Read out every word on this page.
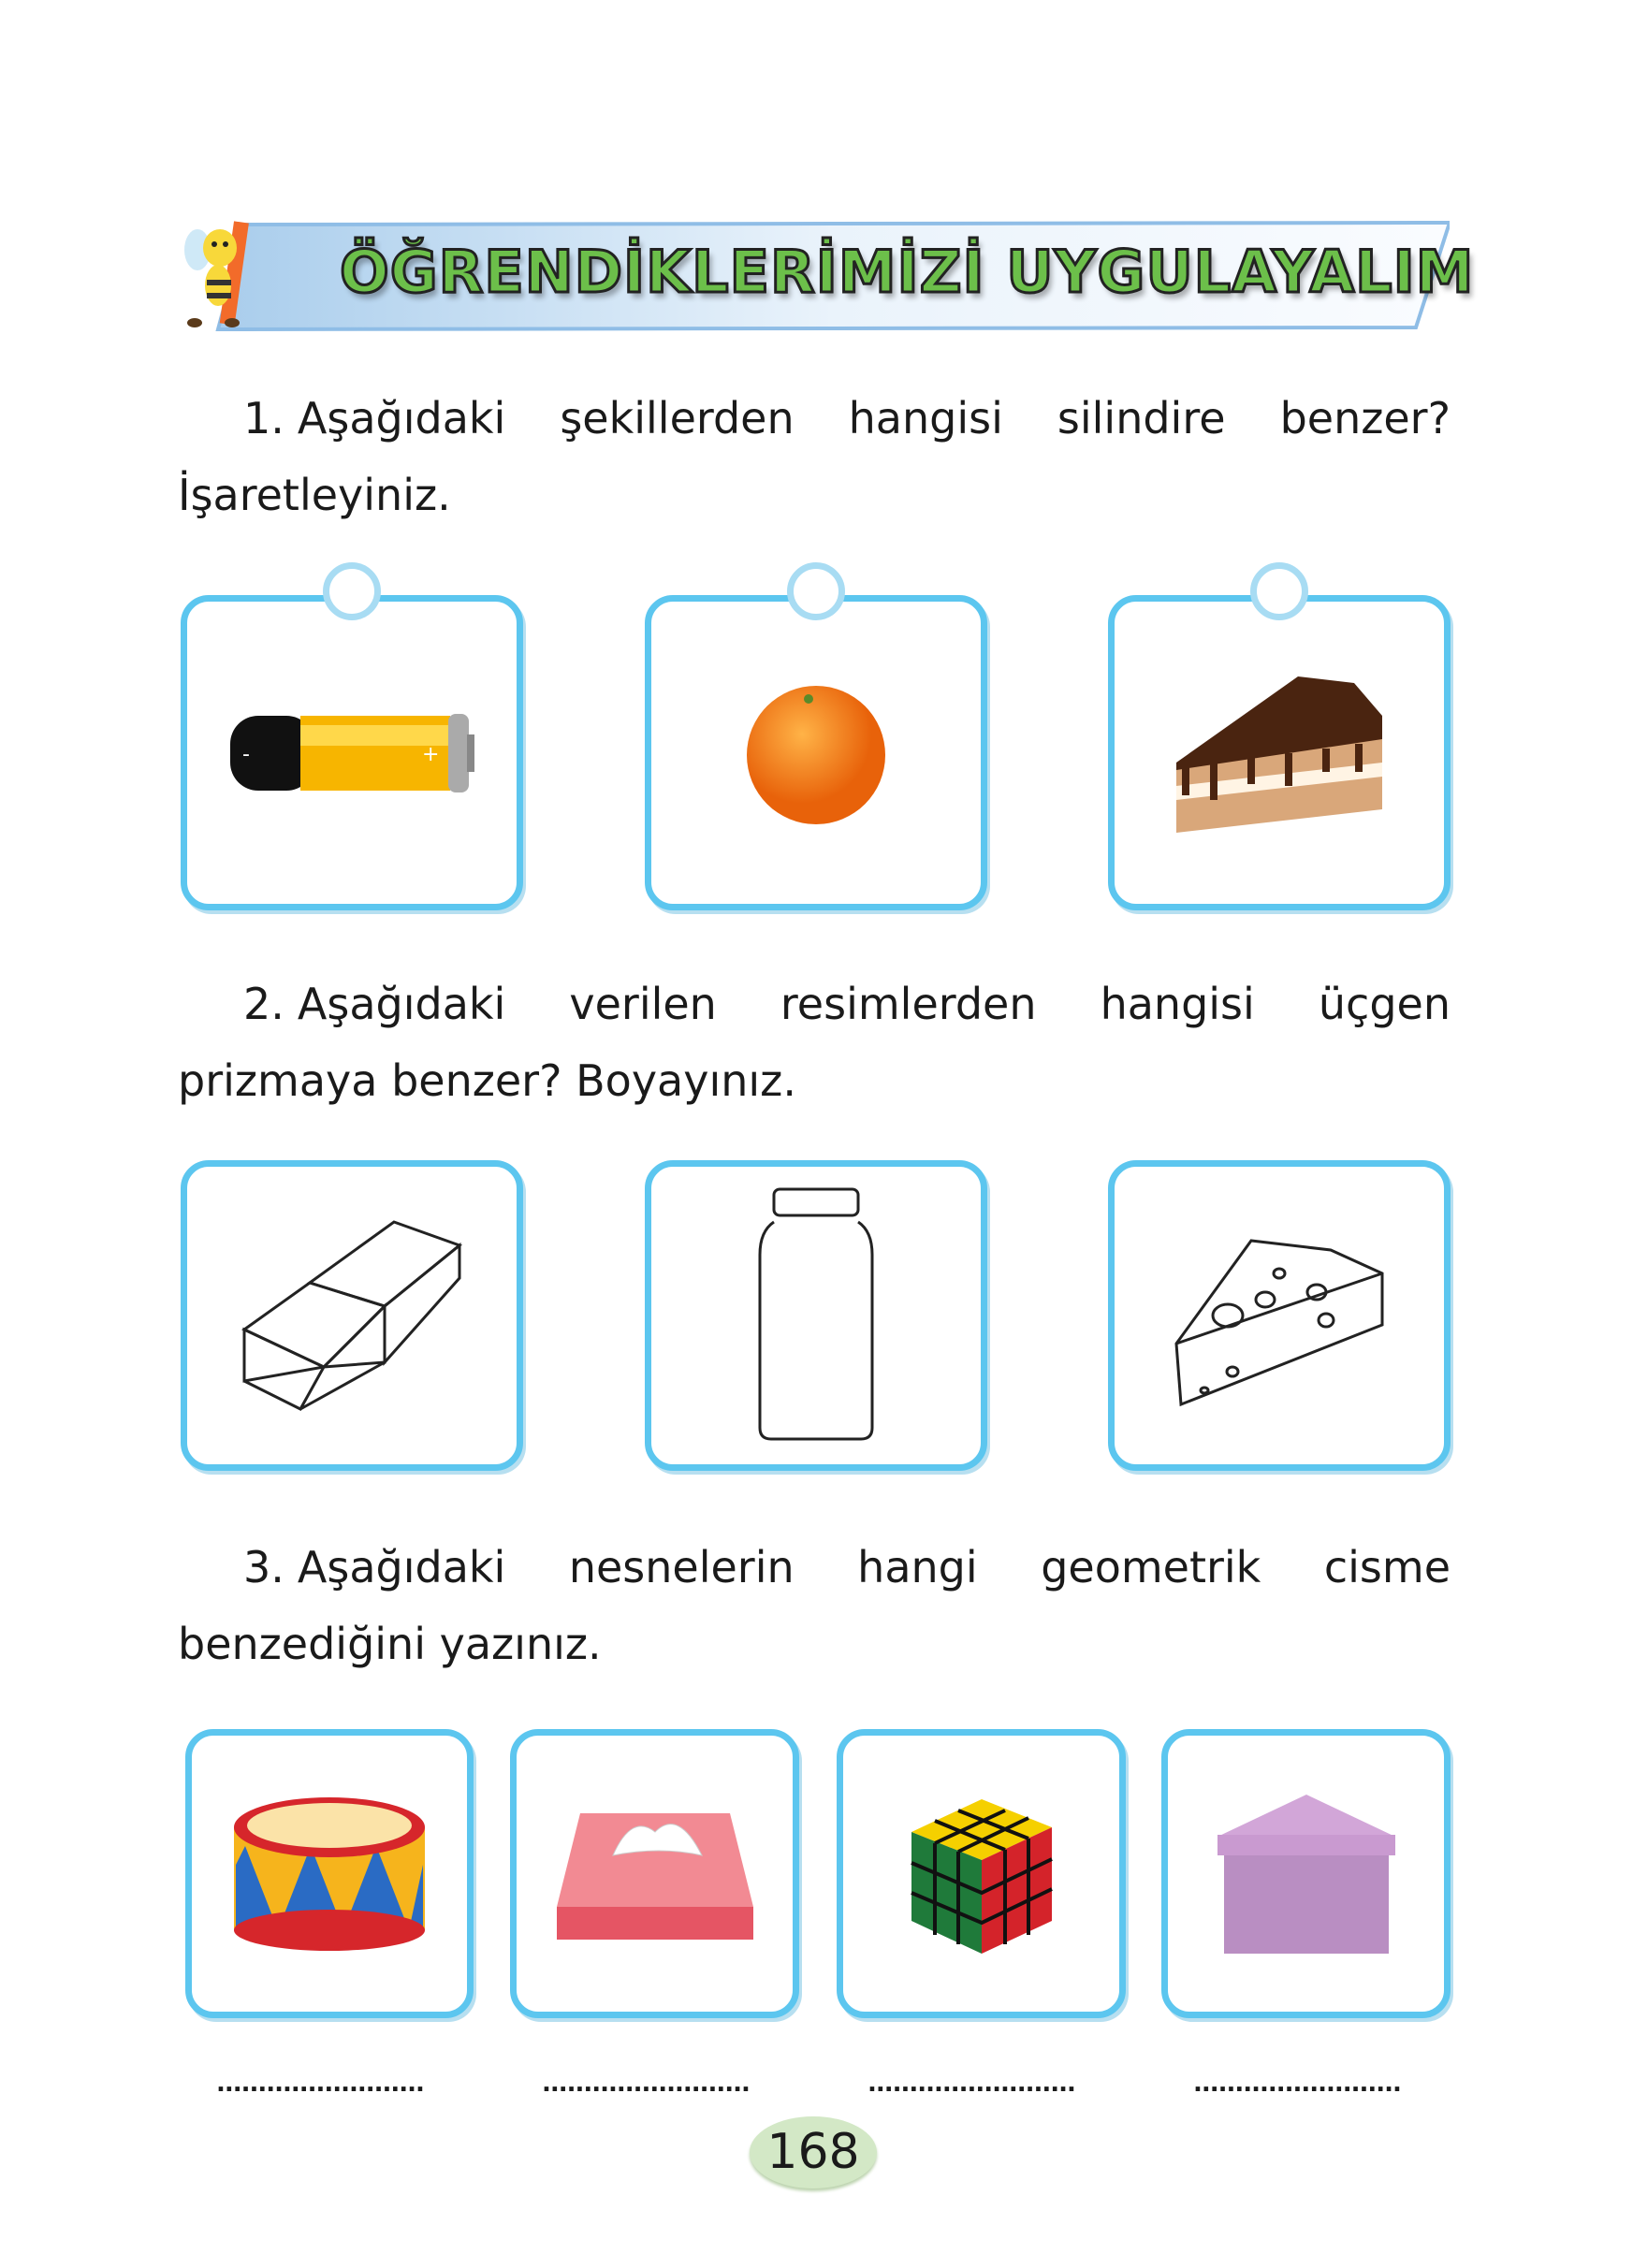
ÖĞRENDİKLERİMİZİ UYGULAYALIM
1. Aşağıdaki şekillerden hangisi silindire benzer? İşaretleyiniz.
+
-
2. Aşağıdaki verilen resimlerden hangisi üçgen prizmaya benzer? Boyayınız.
3. Aşağıdaki nesnelerin hangi geometrik cisme benzediğini yazınız.
.........................	.........................	.........................	.........................
168
